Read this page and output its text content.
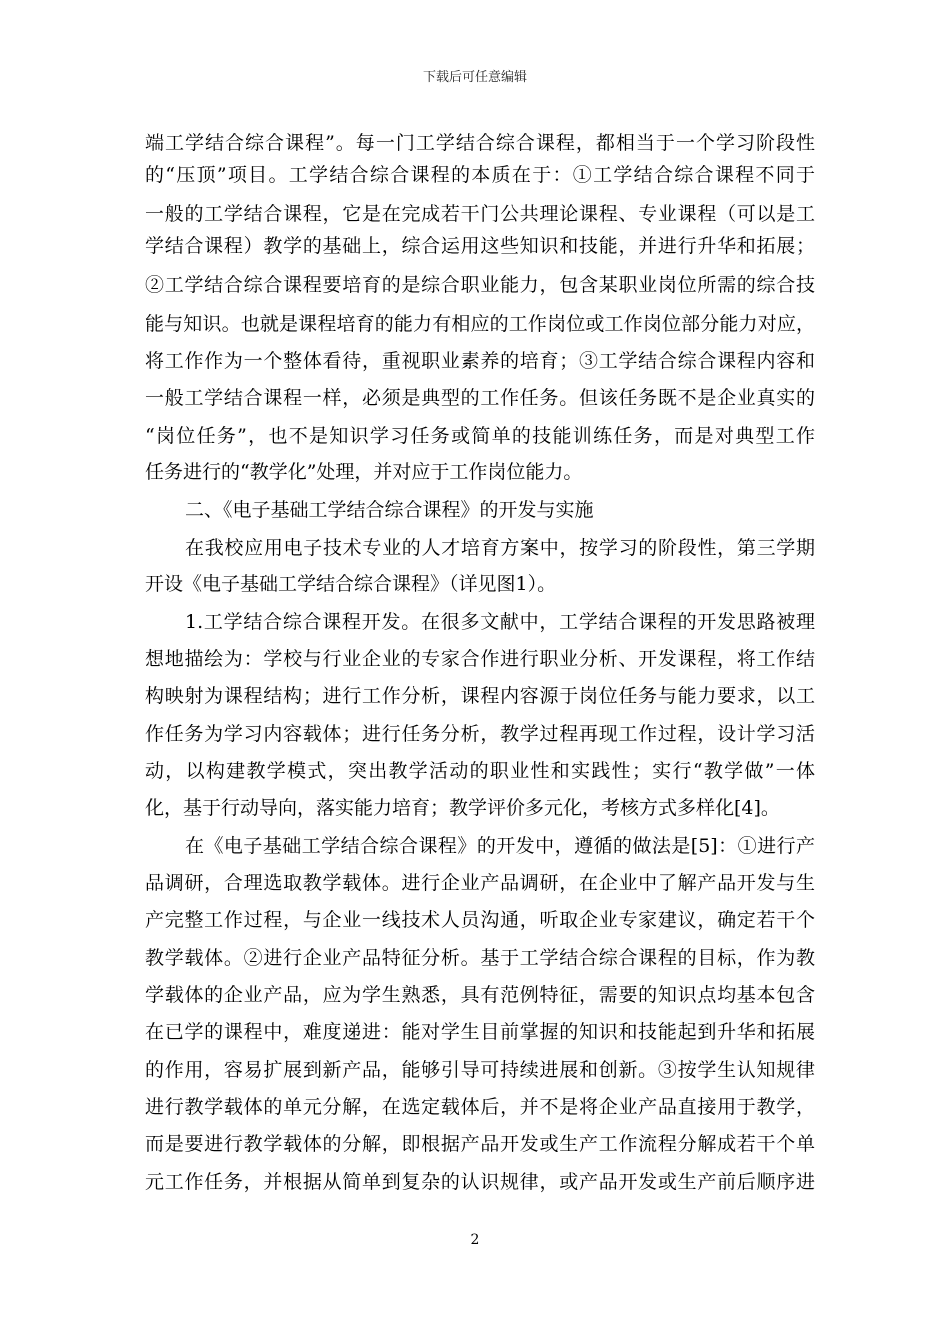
下载后可任意编辑
端工学结合综合课程”。每一门工学结合综合课程，都相当于一个学习阶段性
的“压顶”项目。工学结合综合课程的本质在于：①工学结合综合课程不同于
一般的工学结合课程，它是在完成若干门公共理论课程、专业课程（可以是工
学结合课程）教学的基础上，综合运用这些知识和技能，并进行升华和拓展；
②工学结合综合课程要培育的是综合职业能力，包含某职业岗位所需的综合技
能与知识。也就是课程培育的能力有相应的工作岗位或工作岗位部分能力对应，
将工作作为一个整体看待，重视职业素养的培育；③工学结合综合课程内容和
一般工学结合课程一样，必须是典型的工作任务。但该任务既不是企业真实的
“岗位任务”，也不是知识学习任务或简单的技能训练任务，而是对典型工作
任务进行的“教学化”处理，并对应于工作岗位能力。
二、《电子基础工学结合综合课程》的开发与实施
在我校应用电子技术专业的人才培育方案中，按学习的阶段性，第三学期
开设《电子基础工学结合综合课程》（详见图1）。
1.工学结合综合课程开发。在很多文献中，工学结合课程的开发思路被理
想地描绘为：学校与行业企业的专家合作进行职业分析、开发课程，将工作结
构映射为课程结构；进行工作分析，课程内容源于岗位任务与能力要求，以工
作任务为学习内容载体；进行任务分析，教学过程再现工作过程，设计学习活
动，以构建教学模式，突出教学活动的职业性和实践性；实行“教学做”一体
化，基于行动导向，落实能力培育；教学评价多元化，考核方式多样化[4]。
在《电子基础工学结合综合课程》的开发中，遵循的做法是[5]：①进行产
品调研，合理选取教学载体。进行企业产品调研，在企业中了解产品开发与生
产完整工作过程，与企业一线技术人员沟通，听取企业专家建议，确定若干个
教学载体。②进行企业产品特征分析。基于工学结合综合课程的目标，作为教
学载体的企业产品，应为学生熟悉，具有范例特征，需要的知识点均基本包含
在已学的课程中，难度递进：能对学生目前掌握的知识和技能起到升华和拓展
的作用，容易扩展到新产品，能够引导可持续进展和创新。③按学生认知规律
进行教学载体的单元分解，在选定载体后，并不是将企业产品直接用于教学，
而是要进行教学载体的分解，即根据产品开发或生产工作流程分解成若干个单
元工作任务，并根据从简单到复杂的认识规律，或产品开发或生产前后顺序进
2
